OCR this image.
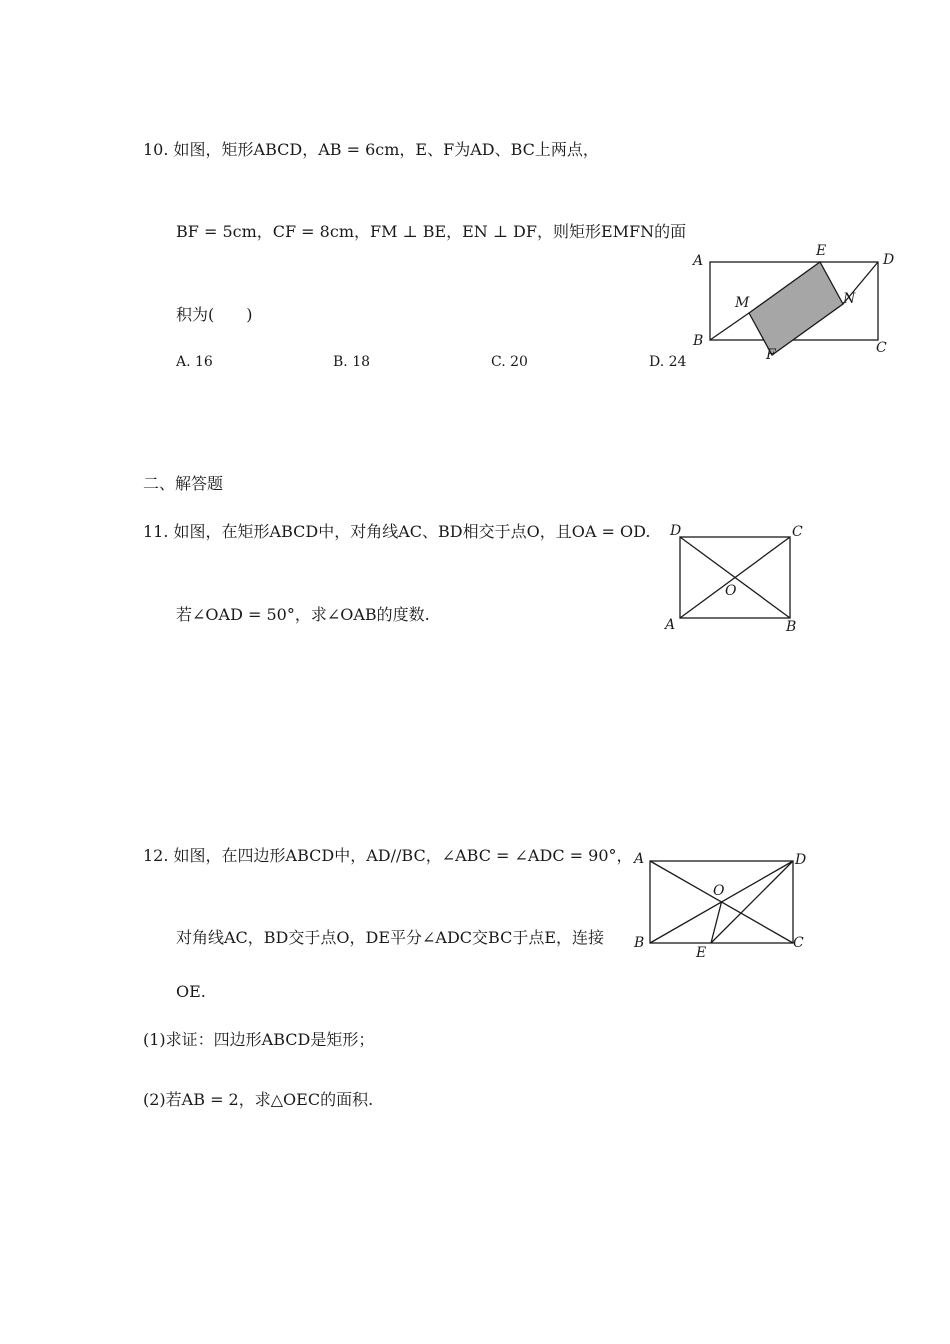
10. 如图，矩形ABCD，AB = 6cm，E、F为AD、BC上两点，
BF = 5cm，CF = 8cm，FM ⊥ BE，EN ⊥ DF，则矩形EMFN的面
积为(　　)
A. 16	B. 18	C. 20	D. 24
A
E
D
M	N
B
F	C
二、解答题
11. 如图，在矩形ABCD中，对角线AC、BD相交于点O，且OA = OD.
若∠OAD = 50°，求∠OAB的度数.
D	C
O
A	B
12. 如图，在四边形ABCD中，AD//BC，∠ABC = ∠ADC = 90°，
对角线AC，BD交于点O，DE平分∠ADC交BC于点E，连接
OE.
(1)求证：四边形ABCD是矩形；
(2)若AB = 2，求△OEC的面积.
A	D
O
B
E
C
